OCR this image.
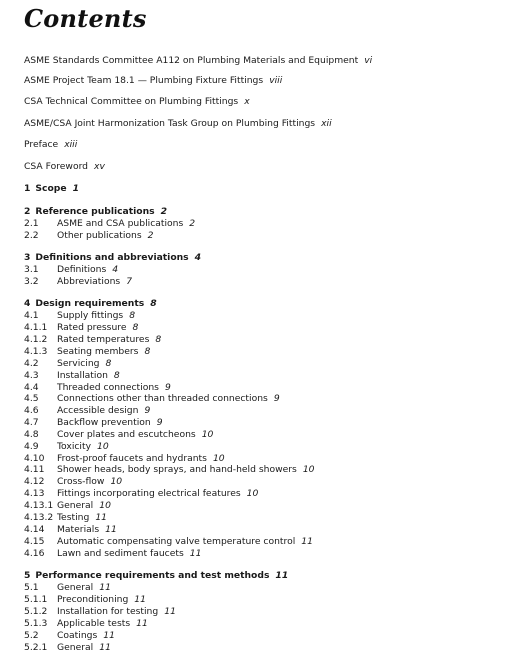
Contents
ASME Standards Committee A112 on Plumbing Materials and Equipment vi
ASME Project Team 18.1 — Plumbing Fixture Fittings viii
CSA Technical Committee on Plumbing Fittings x
ASME/CSA Joint Harmonization Task Group on Plumbing Fittings xii
Preface xiii
CSA Foreword xv
1 Scope 1
2 Reference publications 2
2.1 ASME and CSA publications 2
2.2 Other publications 2
3 Definitions and abbreviations 4
3.1 Definitions 4
3.2 Abbreviations 7
4 Design requirements 8
4.1 Supply fittings 8
4.1.1 Rated pressure 8
4.1.2 Rated temperatures 8
4.1.3 Seating members 8
4.2 Servicing 8
4.3 Installation 8
4.4 Threaded connections 9
4.5 Connections other than threaded connections 9
4.6 Accessible design 9
4.7 Backflow prevention 9
4.8 Cover plates and escutcheons 10
4.9 Toxicity 10
4.10 Frost-proof faucets and hydrants 10
4.11 Shower heads, body sprays, and hand-held showers 10
4.12 Cross-flow 10
4.13 Fittings incorporating electrical features 10
4.13.1 General 10
4.13.2 Testing 11
4.14 Materials 11
4.15 Automatic compensating valve temperature control 11
4.16 Lawn and sediment faucets 11
5 Performance requirements and test methods 11
5.1 General 11
5.1.1 Preconditioning 11
5.1.2 Installation for testing 11
5.1.3 Applicable tests 11
5.2 Coatings 11
5.2.1 General 11
